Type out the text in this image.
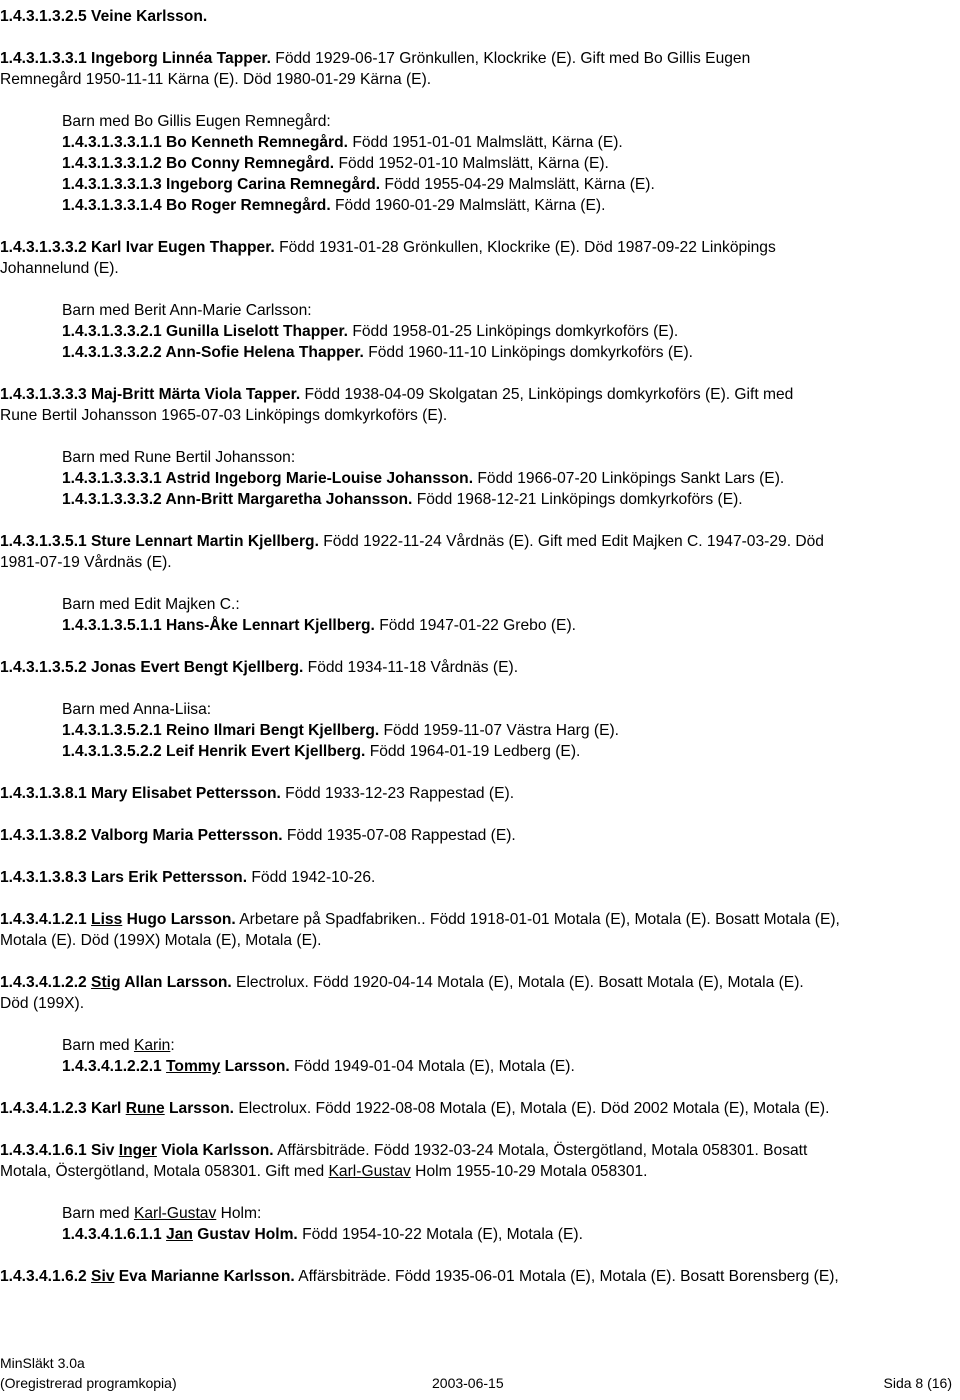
1.4.3.1.3.2.5 Veine Karlsson.
1.4.3.1.3.3.1 Ingeborg Linnéa Tapper. Född 1929-06-17 Grönkullen, Klockrike (E). Gift med Bo Gillis Eugen
Remnegård 1950-11-11 Kärna (E). Död 1980-01-29 Kärna (E).
Barn med Bo Gillis Eugen Remnegård:
1.4.3.1.3.3.1.1 Bo Kenneth Remnegård. Född 1951-01-01 Malmslätt, Kärna (E).
1.4.3.1.3.3.1.2 Bo Conny Remnegård. Född 1952-01-10 Malmslätt, Kärna (E).
1.4.3.1.3.3.1.3 Ingeborg Carina Remnegård. Född 1955-04-29 Malmslätt, Kärna (E).
1.4.3.1.3.3.1.4 Bo Roger Remnegård. Född 1960-01-29 Malmslätt, Kärna (E).
1.4.3.1.3.3.2 Karl Ivar Eugen Thapper. Född 1931-01-28 Grönkullen, Klockrike (E). Död 1987-09-22 Linköpings
Johannelund (E).
Barn med Berit Ann-Marie Carlsson:
1.4.3.1.3.3.2.1 Gunilla Liselott Thapper. Född 1958-01-25 Linköpings domkyrkoförs (E).
1.4.3.1.3.3.2.2 Ann-Sofie Helena Thapper. Född 1960-11-10 Linköpings domkyrkoförs (E).
1.4.3.1.3.3.3 Maj-Britt Märta Viola Tapper. Född 1938-04-09 Skolgatan 25, Linköpings domkyrkoförs (E). Gift med
Rune Bertil Johansson 1965-07-03 Linköpings domkyrkoförs (E).
Barn med Rune Bertil Johansson:
1.4.3.1.3.3.3.1 Astrid Ingeborg Marie-Louise Johansson. Född 1966-07-20 Linköpings Sankt Lars (E).
1.4.3.1.3.3.3.2 Ann-Britt Margaretha Johansson. Född 1968-12-21 Linköpings domkyrkoförs (E).
1.4.3.1.3.5.1 Sture Lennart Martin Kjellberg. Född 1922-11-24 Vårdnäs (E). Gift med Edit Majken C. 1947-03-29. Död
1981-07-19 Vårdnäs (E).
Barn med Edit Majken C.:
1.4.3.1.3.5.1.1 Hans-Åke Lennart Kjellberg. Född 1947-01-22 Grebo (E).
1.4.3.1.3.5.2 Jonas Evert Bengt Kjellberg. Född 1934-11-18 Vårdnäs (E).
Barn med Anna-Liisa:
1.4.3.1.3.5.2.1 Reino Ilmari Bengt Kjellberg. Född 1959-11-07 Västra Harg (E).
1.4.3.1.3.5.2.2 Leif Henrik Evert Kjellberg. Född 1964-01-19 Ledberg (E).
1.4.3.1.3.8.1 Mary Elisabet Pettersson. Född 1933-12-23 Rappestad (E).
1.4.3.1.3.8.2 Valborg Maria Pettersson. Född 1935-07-08 Rappestad (E).
1.4.3.1.3.8.3 Lars Erik Pettersson. Född 1942-10-26.
1.4.3.4.1.2.1 Liss Hugo Larsson. Arbetare på Spadfabriken.. Född 1918-01-01 Motala (E), Motala (E). Bosatt Motala (E),
Motala (E). Död (199X) Motala (E), Motala (E).
1.4.3.4.1.2.2 Stig Allan Larsson. Electrolux. Född 1920-04-14 Motala (E), Motala (E). Bosatt Motala (E), Motala (E).
Död (199X).
Barn med Karin:
1.4.3.4.1.2.2.1 Tommy Larsson. Född 1949-01-04 Motala (E), Motala (E).
1.4.3.4.1.2.3 Karl Rune Larsson. Electrolux. Född 1922-08-08 Motala (E), Motala (E). Död 2002 Motala (E), Motala (E).
1.4.3.4.1.6.1 Siv Inger Viola Karlsson. Affärsbiträde. Född 1932-03-24 Motala, Östergötland, Motala 058301. Bosatt
Motala, Östergötland, Motala 058301. Gift med Karl-Gustav Holm 1955-10-29 Motala 058301.
Barn med Karl-Gustav Holm:
1.4.3.4.1.6.1.1 Jan Gustav Holm. Född 1954-10-22 Motala (E), Motala (E).
1.4.3.4.1.6.2 Siv Eva Marianne Karlsson. Affärsbiträde. Född 1935-06-01 Motala (E), Motala (E). Bosatt Borensberg (E),
MinSläkt 3.0a
(Oregistrerad programkopia)	2003-06-15	Sida 8 (16)
